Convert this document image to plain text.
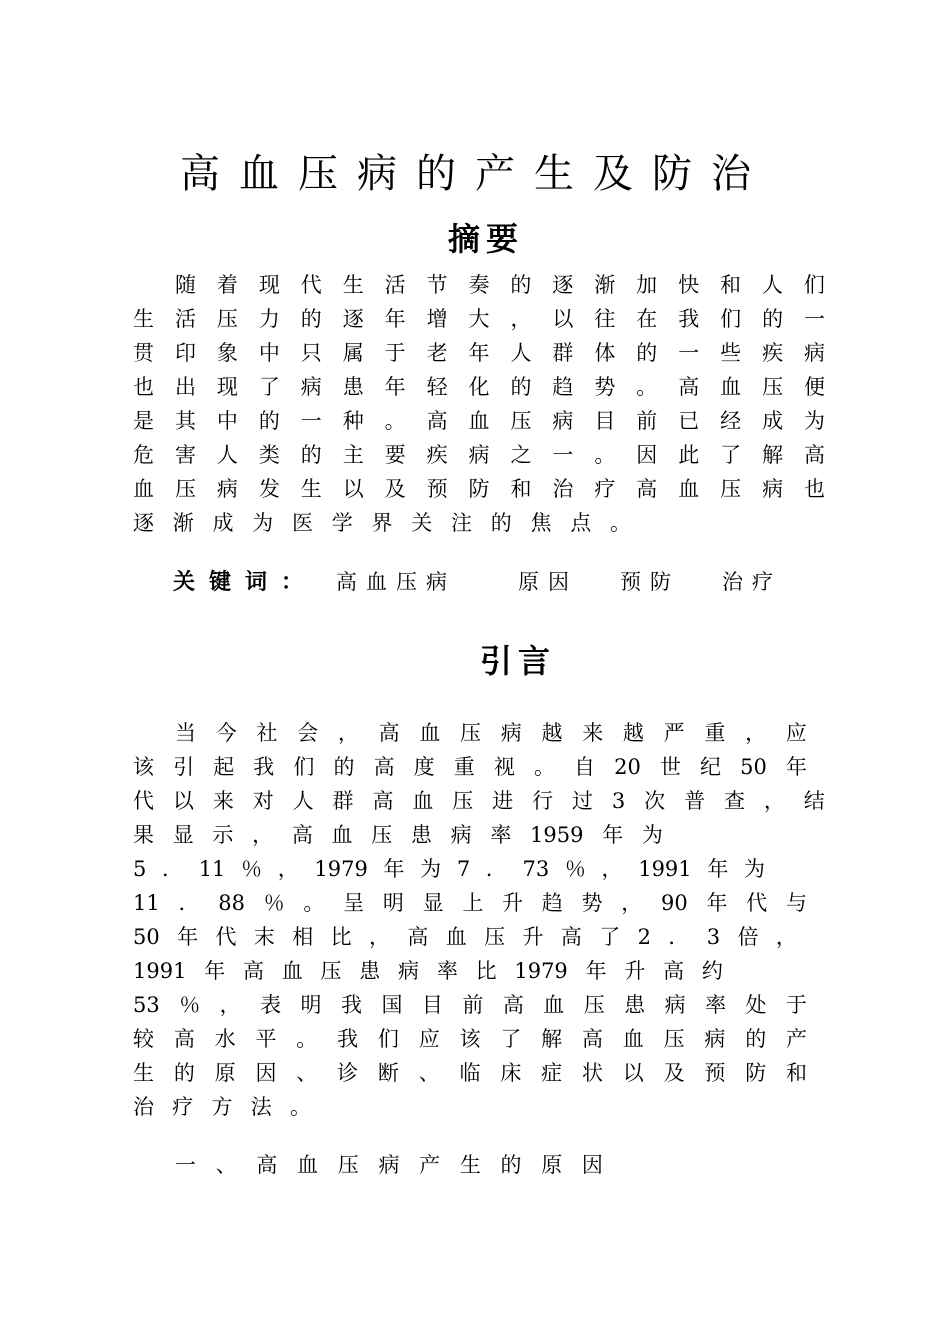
高血压病的产生及防治
摘要
随 着 现 代 生 活 节 奏 的 逐 渐 加 快 和 人 们
生 活 压 力 的 逐 年 增 大 ， 以 往 在 我 们 的 一
贯 印 象 中 只 属 于 老 年 人 群 体 的 一 些 疾 病
也 出 现 了 病 患 年 轻 化 的 趋 势 。 高 血 压 便
是 其 中 的 一 种 。 高 血 压 病 目 前 已 经 成 为
危 害 人 类 的 主 要 疾 病 之 一 。 因 此 了 解 高
血 压 病 发 生 以 及 预 防 和 治 疗 高 血 压 病 也
逐 渐 成 为 医 学 界 关 注 的 焦 点 。
关键词： 高血压病	原因 预防 治疗
引言
当 今 社 会 ， 高 血 压 病 越 来 越 严 重 ， 应
该 引 起 我 们 的 高 度 重 视 。 自 20 世 纪 50 年
代 以 来 对 人 群 高 血 压 进 行 过 3 次 普 查 ， 结
果 显 示 ， 高 血 压 患 病 率 1959 年 为
5 ． 11 ％ ， 1979 年 为 7 ． 73 ％ ， 1991 年 为
11 ． 88 ％ 。 呈 明 显 上 升 趋 势 ， 90 年 代 与
50 年 代 末 相 比 ， 高 血 压 升 高 了 2 ． 3 倍 ，
1991 年 高 血 压 患 病 率 比 1979 年 升 高 约
53 ％ ， 表 明 我 国 目 前 高 血 压 患 病 率 处 于
较 高 水 平 。 我 们 应 该 了 解 高 血 压 病 的 产
生 的 原 因 、 诊 断 、 临 床 症 状 以 及 预 防 和
治 疗 方 法 。
一 、 高 血 压 病 产 生 的 原 因
